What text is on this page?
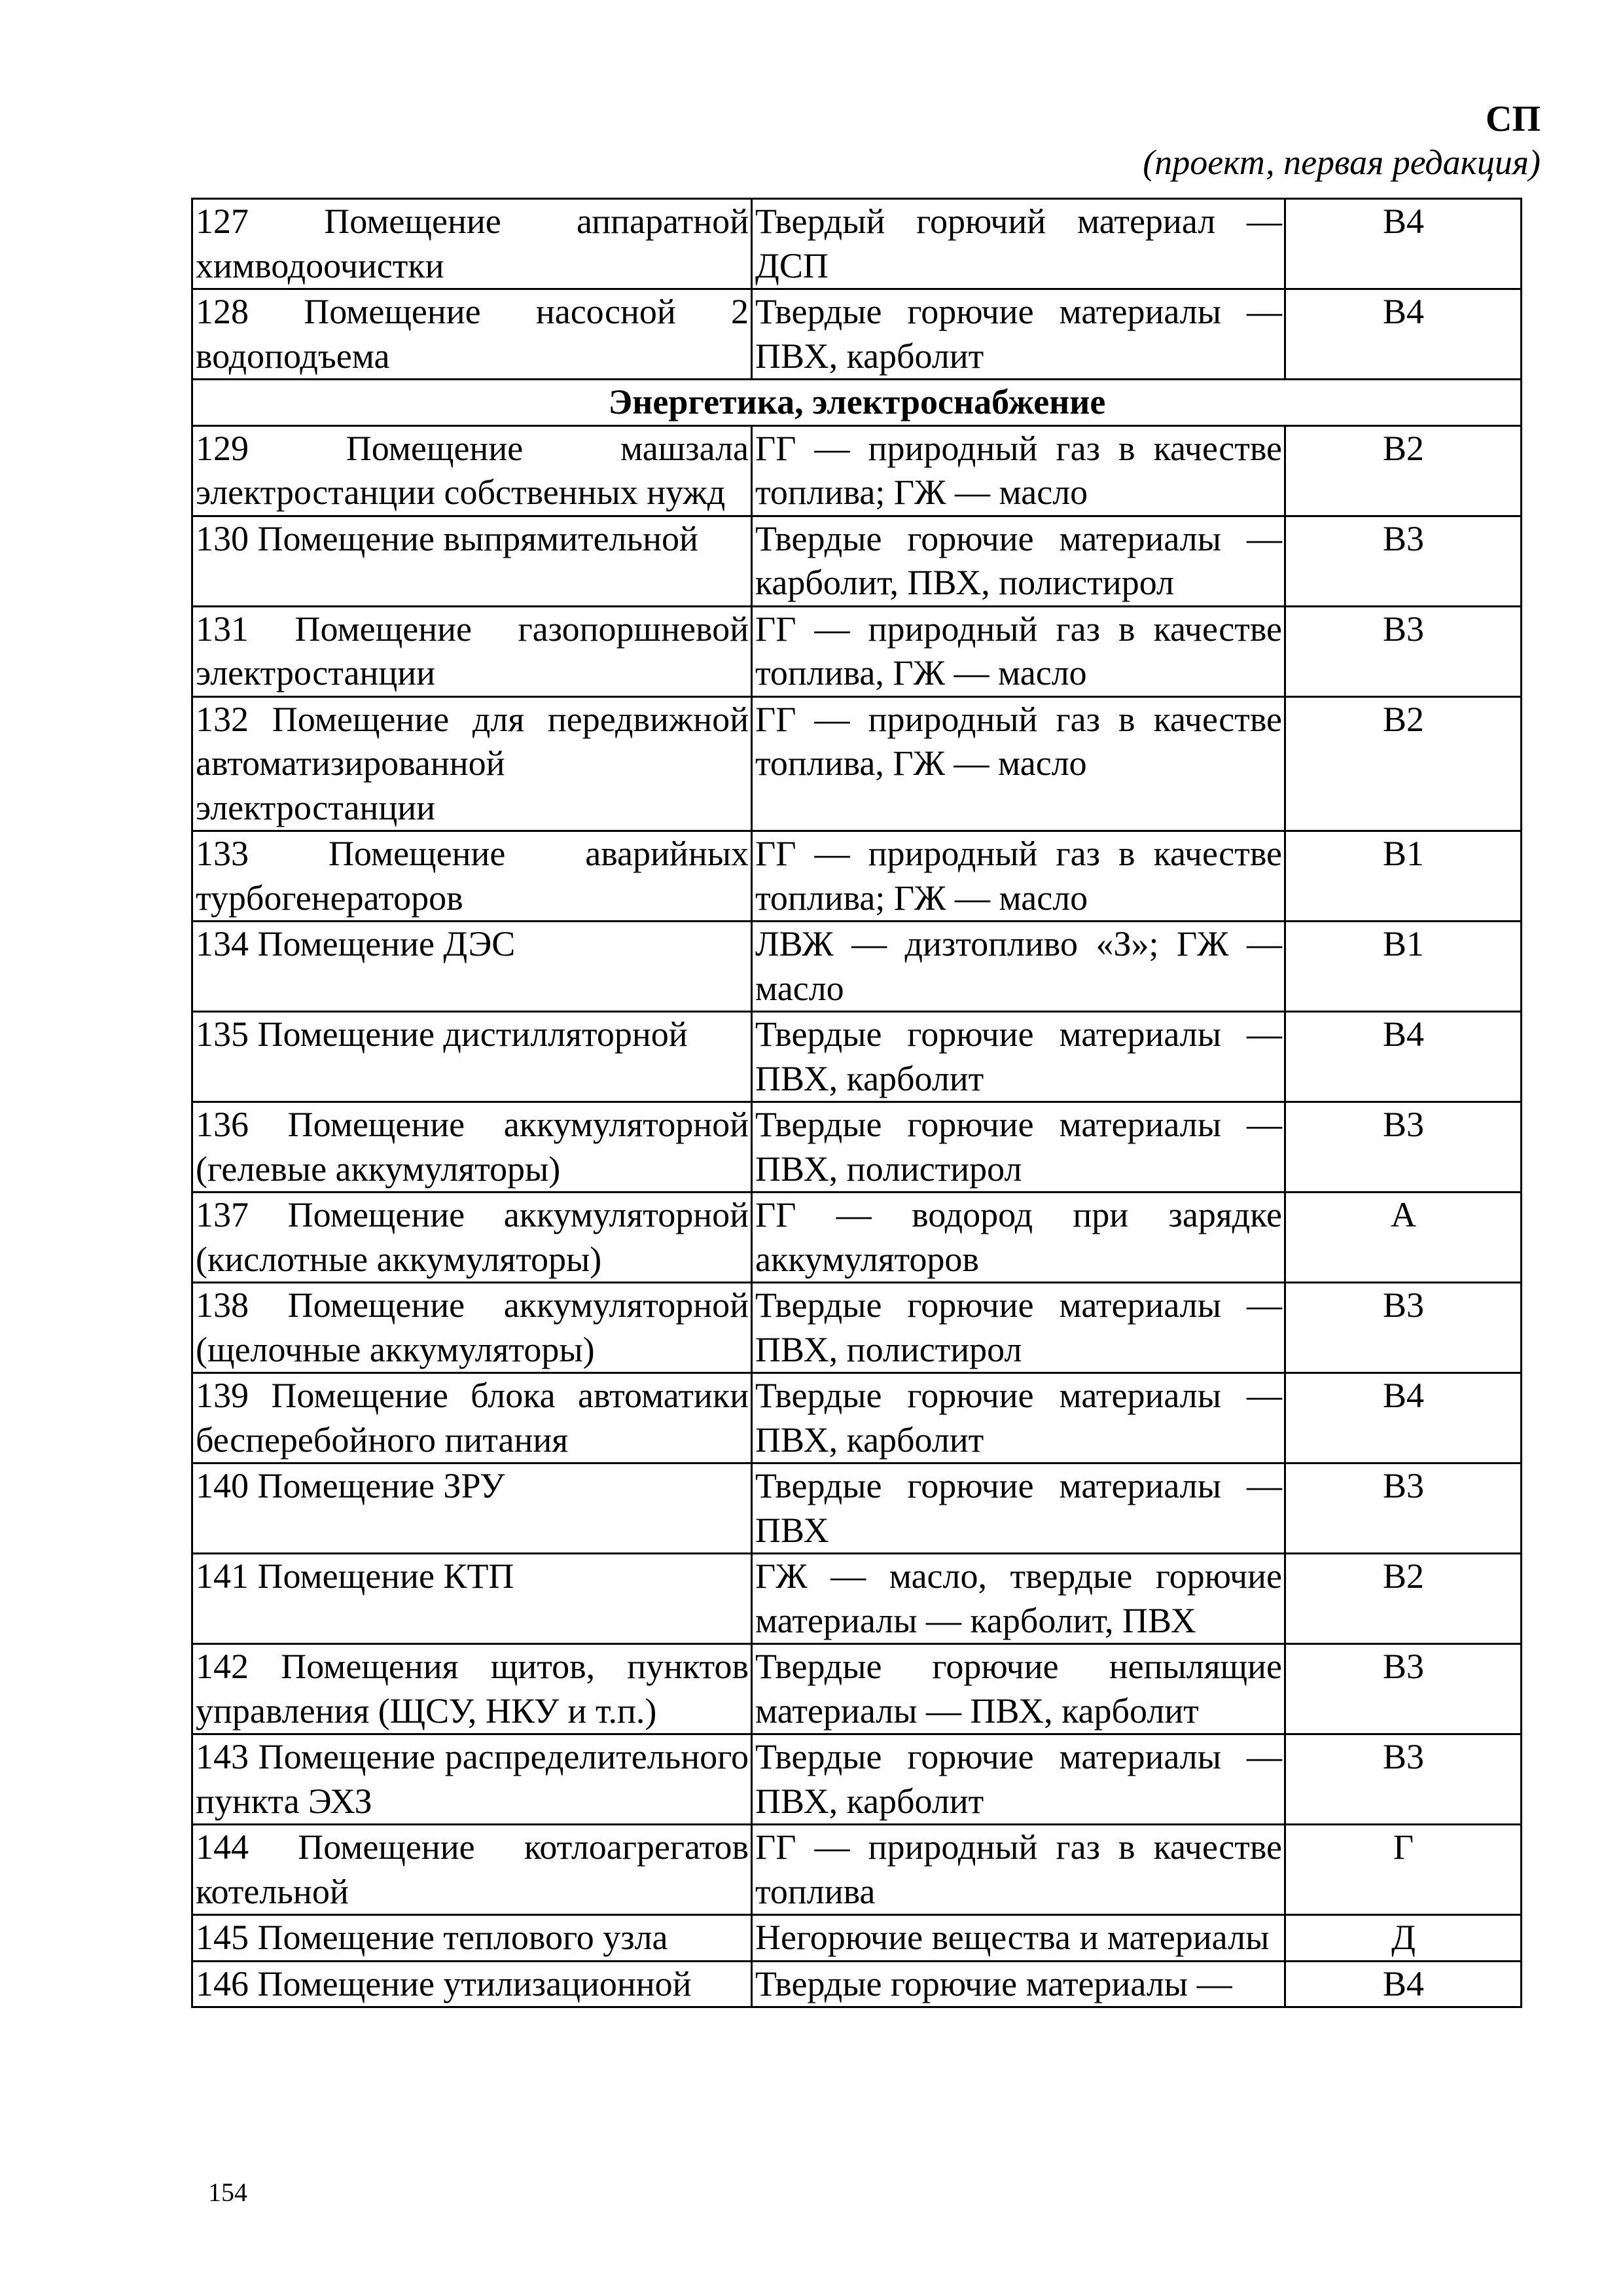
СП
(проект, первая редакция)
127 Помещение аппаратной химводоочистки	Твердый горючий материал — ДСП	В4
128 Помещение насосной 2 водоподъема	Твердые горючие материалы — ПВХ, карболит	В4
Энергетика, электроснабжение		
129 Помещение машзала электростанции собственных нужд	ГГ — природный газ в качестве топлива; ГЖ — масло	В2
130 Помещение выпрямительной	Твердые горючие материалы — карболит, ПВХ, полистирол	В3
131 Помещение газопоршневой электростанции	ГГ — природный газ в качестве топлива, ГЖ — масло	В3
132 Помещение для передвижной автоматизированной электростанции	ГГ — природный газ в качестве топлива, ГЖ — масло	В2
133 Помещение аварийных турбогенераторов	ГГ — природный газ в качестве топлива; ГЖ — масло	В1
134 Помещение ДЭС	ЛВЖ — дизтопливо «З»; ГЖ — масло	В1
135 Помещение дистилляторной	Твердые горючие материалы — ПВХ, карболит	В4
136 Помещение аккумуляторной (гелевые аккумуляторы)	Твердые горючие материалы — ПВХ, полистирол	В3
137 Помещение аккумуляторной (кислотные аккумуляторы)	ГГ — водород при зарядке аккумуляторов	А
138 Помещение аккумуляторной (щелочные аккумуляторы)	Твердые горючие материалы — ПВХ, полистирол	В3
139 Помещение блока автоматики бесперебойного питания	Твердые горючие материалы — ПВХ, карболит	В4
140 Помещение ЗРУ	Твердые горючие материалы — ПВХ	В3
141 Помещение КТП	ГЖ — масло, твердые горючие материалы — карболит, ПВХ	В2
142 Помещения щитов, пунктов управления (ЩСУ, НКУ и т.п.)	Твердые горючие непылящие материалы — ПВХ, карболит	В3
143 Помещение распределительного пункта ЭХЗ	Твердые горючие материалы — ПВХ, карболит	В3
144 Помещение котлоагрегатов котельной	ГГ — природный газ в качестве топлива	Г
145 Помещение теплового узла	Негорючие вещества и материалы	Д
146 Помещение утилизационной	Твердые горючие материалы —	В4
154
